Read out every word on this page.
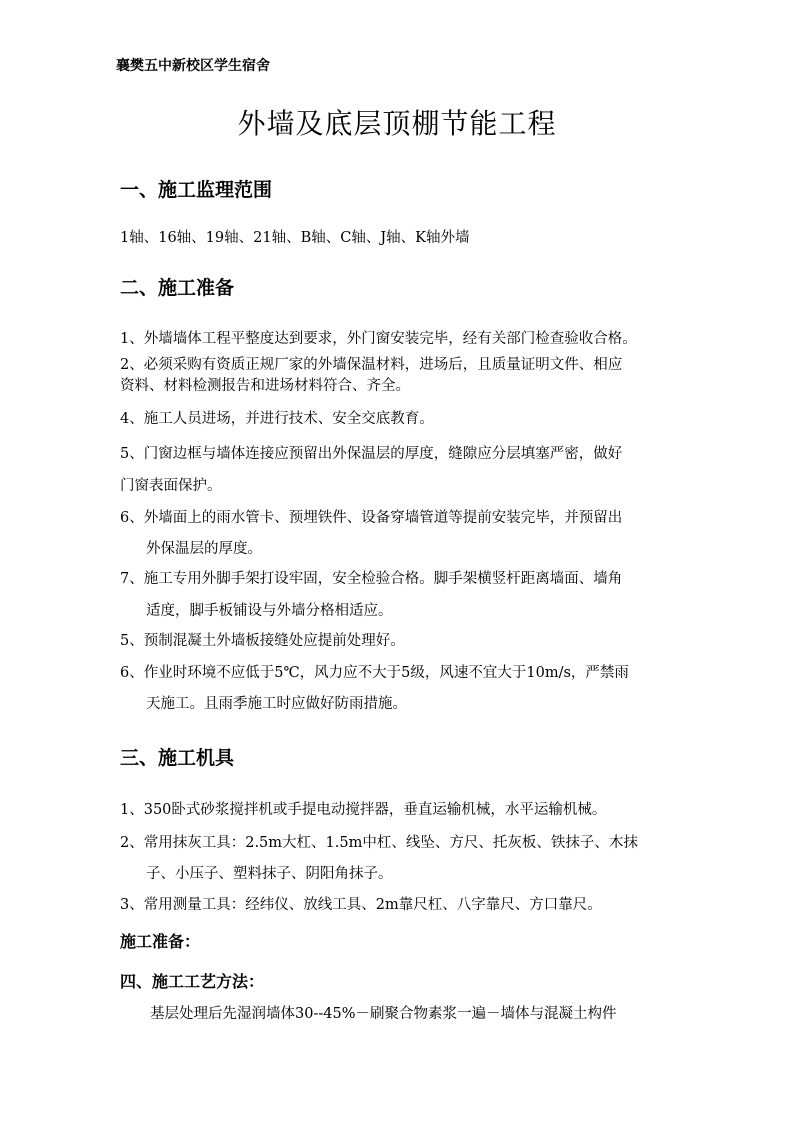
襄樊五中新校区学生宿舍
外墙及底层顶棚节能工程
一、施工监理范围
1轴、16轴、19轴、21轴、B轴、C轴、J轴、K轴外墙
二、施工准备
1、外墙墙体工程平整度达到要求，外门窗安装完毕，经有关部门检查验收合格。
2、必须采购有资质正规厂家的外墙保温材料，进场后，且质量证明文件、相应
资料、材料检测报告和进场材料符合、齐全。
4、施工人员进场，并进行技术、安全交底教育。
5、门窗边框与墙体连接应预留出外保温层的厚度，缝隙应分层填塞严密，做好
门窗表面保护。
6、外墙面上的雨水管卡、预埋铁件、设备穿墙管道等提前安装完毕，并预留出
外保温层的厚度。
7、施工专用外脚手架打设牢固，安全检验合格。脚手架横竖杆距离墙面、墙角
适度，脚手板铺设与外墙分格相适应。
5、预制混凝土外墙板接缝处应提前处理好。
6、作业时环境不应低于5℃，风力应不大于5级，风速不宜大于10m/s，严禁雨
天施工。且雨季施工时应做好防雨措施。
三、施工机具
1、350卧式砂浆搅拌机或手提电动搅拌器，垂直运输机械，水平运输机械。
2、常用抹灰工具：2.5m大杠、1.5m中杠、线坠、方尺、托灰板、铁抹子、木抹
子、小压子、塑料抹子、阴阳角抹子。
3、常用测量工具：经纬仪、放线工具、2m靠尺杠、八字靠尺、方口靠尺。
施工准备：
四、施工工艺方法：
基层处理后先湿润墙体30--45%－刷聚合物素浆一遍－墙体与混凝土构件
